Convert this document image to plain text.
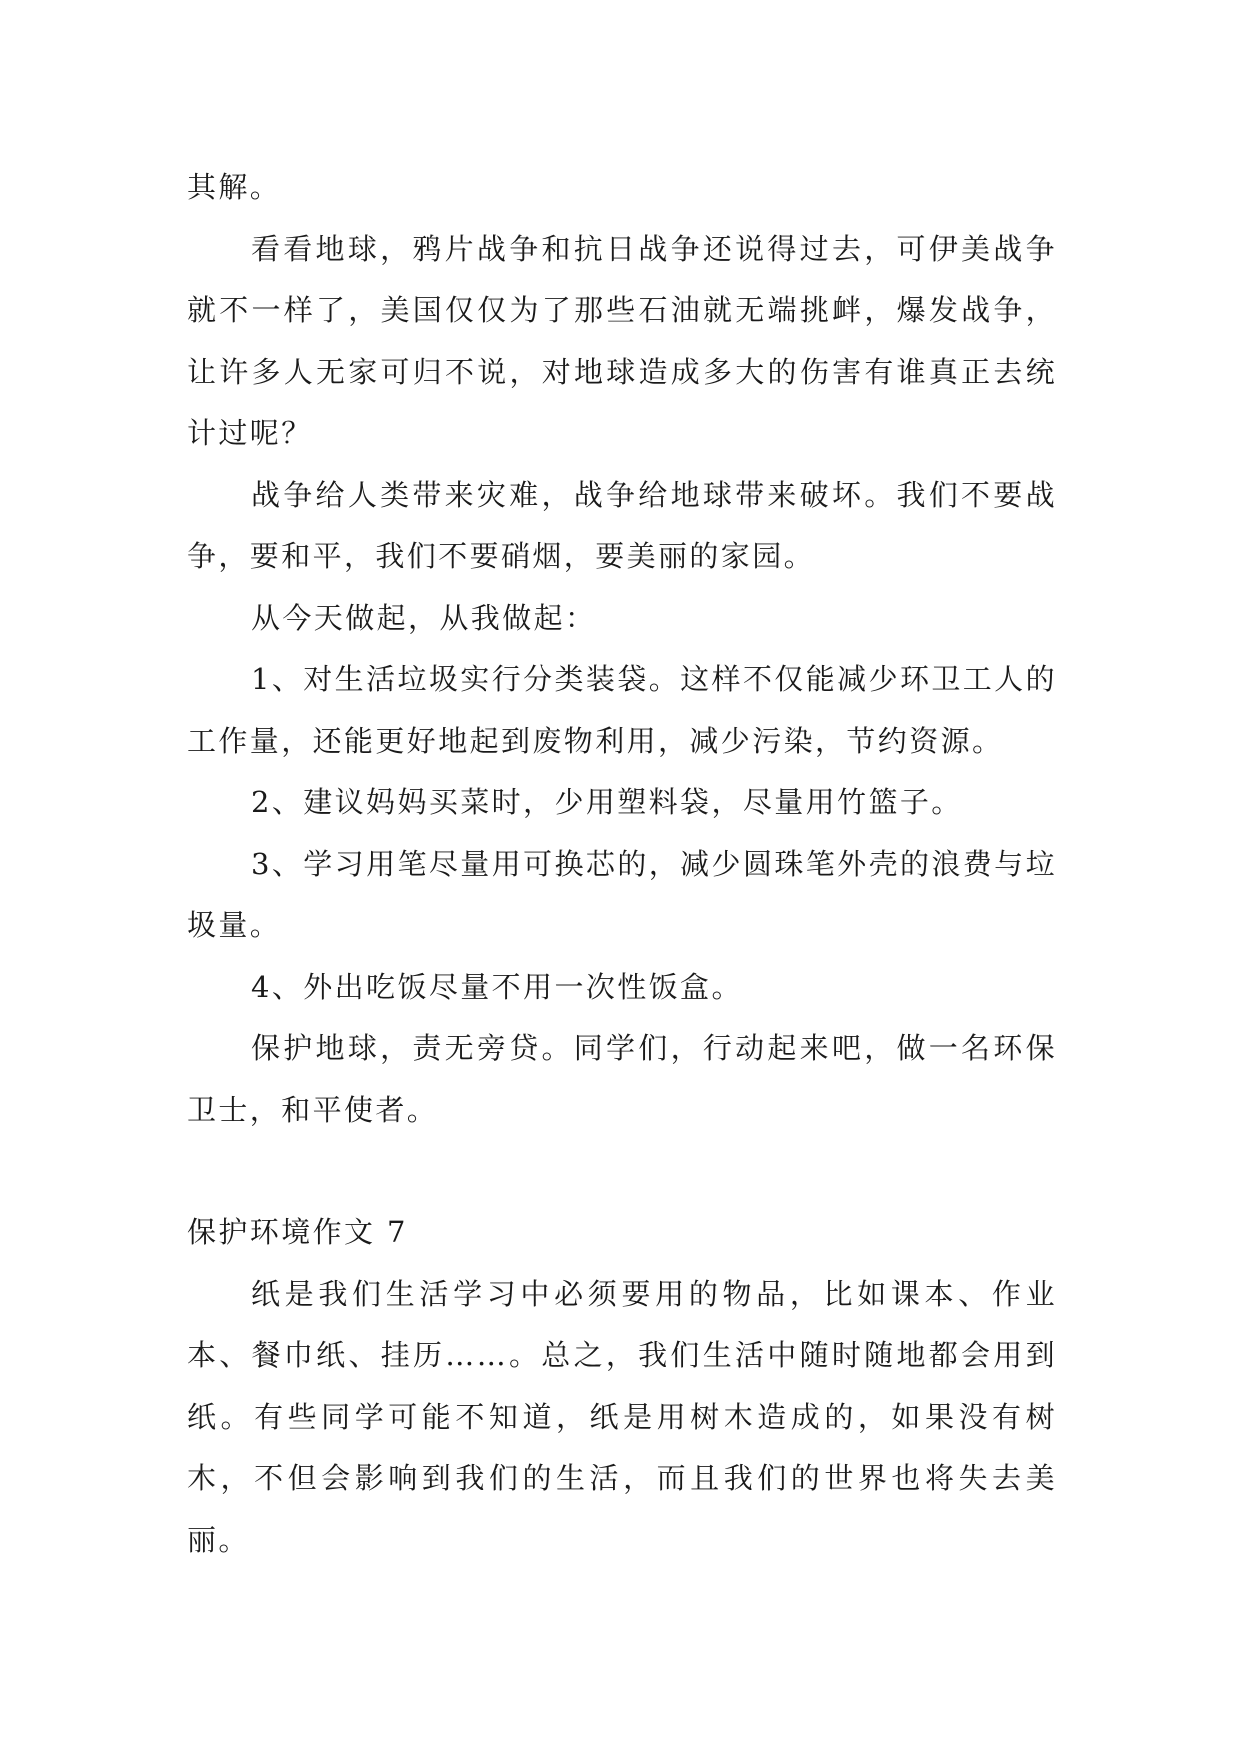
其解。

看看地球，鸦片战争和抗日战争还说得过去，可伊美战争就不一样了，美国仅仅为了那些石油就无端挑衅，爆发战争，让许多人无家可归不说，对地球造成多大的伤害有谁真正去统计过呢？

战争给人类带来灾难，战争给地球带来破坏。我们不要战争，要和平，我们不要硝烟，要美丽的家园。

从今天做起，从我做起：

1、对生活垃圾实行分类装袋。这样不仅能减少环卫工人的工作量，还能更好地起到废物利用，减少污染，节约资源。

2、建议妈妈买菜时，少用塑料袋，尽量用竹篮子。

3、学习用笔尽量用可换芯的，减少圆珠笔外壳的浪费与垃圾量。

4、外出吃饭尽量不用一次性饭盒。

保护地球，责无旁贷。同学们，行动起来吧，做一名环保卫士，和平使者。

保护环境作文 7

纸是我们生活学习中必须要用的物品，比如课本、作业本、餐巾纸、挂历……。总之，我们生活中随时随地都会用到纸。有些同学可能不知道，纸是用树木造成的，如果没有树木，不但会影响到我们的生活，而且我们的世界也将失去美丽。
